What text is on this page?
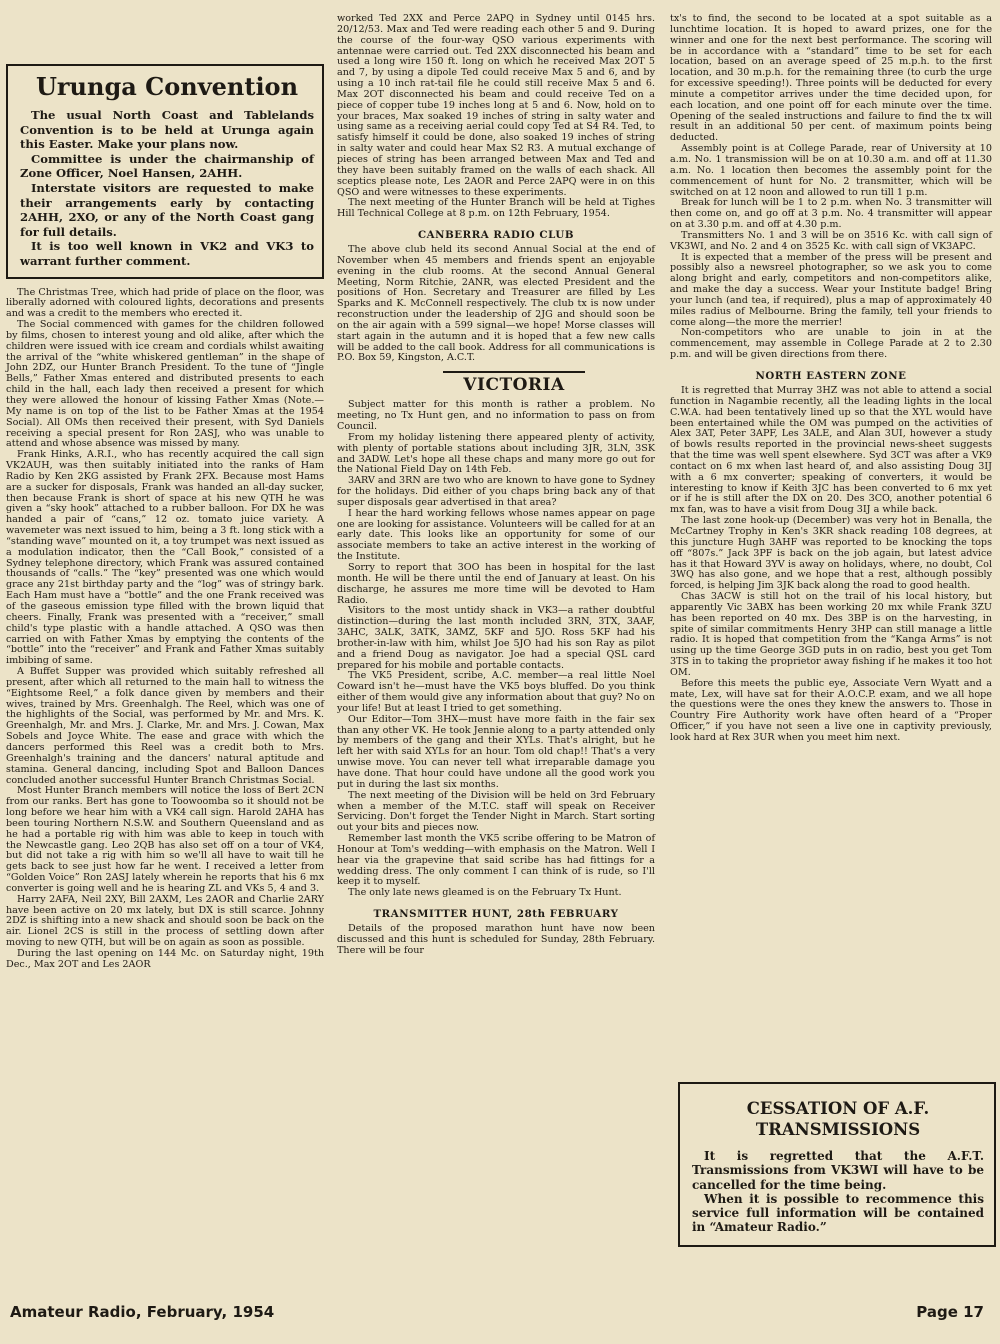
Urunga Convention

The usual North Coast and Tablelands Convention is to be held at Urunga again this Easter. Make your plans now.

Committee is under the chairmanship of Zone Officer, Noel Hansen, 2AHH.

Interstate visitors are requested to make their arrangements early by contacting 2AHH, 2XO, or any of the North Coast gang for full details.

It is too well known in VK2 and VK3 to warrant further comment.

The Christmas Tree, which had pride of place on the floor, was liberally adorned with coloured lights, decorations and presents and was a credit to the members who erected it.

The Social commenced with games for the children followed by films, chosen to interest young and old alike, after which the children were issued with ice cream and cordials whilst awaiting the arrival of the “white whiskered gentleman” in the shape of John 2DZ, our Hunter Branch President. To the tune of “Jingle Bells,” Father Xmas entered and distributed presents to each child in the hall, each lady then received a present for which they were allowed the honour of kissing Father Xmas (Note.—My name is on top of the list to be Father Xmas at the 1954 Social). All OMs then received their present, with Syd Daniels receiving a special present for Ron 2ASJ, who was unable to attend and whose absence was missed by many.

Frank Hinks, A.R.I., who has recently acquired the call sign VK2AUH, was then suitably initiated into the ranks of Ham Radio by Ken 2KG assisted by Frank 2FX. Because most Hams are a sucker for disposals, Frank was handed an all-day sucker, then because Frank is short of space at his new QTH he was given a “sky hook” attached to a rubber balloon. For DX he was handed a pair of “cans,” 12 oz. tomato juice variety. A wavemeter was next issued to him, being a 3 ft. long stick with a “standing wave” mounted on it, a toy trumpet was next issued as a modulation indicator, then the “Call Book,” consisted of a Sydney telephone directory, which Frank was assured contained thousands of “calls.” The “key” presented was one which would grace any 21st birthday party and the “log” was of stringy bark. Each Ham must have a “bottle” and the one Frank received was of the gaseous emission type filled with the brown liquid that cheers. Finally, Frank was presented with a “receiver,” small child's type plastic with a handle attached. A QSO was then carried on with Father Xmas by emptying the contents of the “bottle” into the “receiver” and Frank and Father Xmas suitably imbibing of same.

A Buffet Supper was provided which suitably refreshed all present, after which all returned to the main hall to witness the “Eightsome Reel,” a folk dance given by members and their wives, trained by Mrs. Greenhalgh. The Reel, which was one of the highlights of the Social, was performed by Mr. and Mrs. K. Greenhalgh, Mr. and Mrs. J. Clarke, Mr. and Mrs. J. Cowan, Max Sobels and Joyce White. The ease and grace with which the dancers performed this Reel was a credit both to Mrs. Greenhalgh's training and the dancers' natural aptitude and stamina. General dancing, including Spot and Balloon Dances concluded another successful Hunter Branch Christmas Social.

Most Hunter Branch members will notice the loss of Bert 2CN from our ranks. Bert has gone to Toowoomba so it should not be long before we hear him with a VK4 call sign. Harold 2AHA has been touring Northern N.S.W. and Southern Queensland and as he had a portable rig with him was able to keep in touch with the Newcastle gang. Leo 2QB has also set off on a tour of VK4, but did not take a rig with him so we'll all have to wait till he gets back to see just how far he went. I received a letter from “Golden Voice” Ron 2ASJ lately wherein he reports that his 6 mx converter is going well and he is hearing ZL and VKs 5, 4 and 3.

Harry 2AFA, Neil 2XY, Bill 2AXM, Les 2AOR and Charlie 2ARY have been active on 20 mx lately, but DX is still scarce. Johnny 2DZ is shifting into a new shack and should soon be back on the air. Lionel 2CS is still in the process of settling down after moving to new QTH, but will be on again as soon as possible.

During the last opening on 144 Mc. on Saturday night, 19th Dec., Max 2OT and Les 2AOR

worked Ted 2XX and Perce 2APQ in Sydney until 0145 hrs. 20/12/53. Max and Ted were reading each other 5 and 9. During the course of the four-way QSO various experiments with antennae were carried out. Ted 2XX disconnected his beam and used a long wire 150 ft. long on which he received Max 2OT 5 and 7, by using a dipole Ted could receive Max 5 and 6, and by using a 10 inch rat-tail file he could still receive Max 5 and 6. Max 2OT disconnected his beam and could receive Ted on a piece of copper tube 19 inches long at 5 and 6. Now, hold on to your braces, Max soaked 19 inches of string in salty water and using same as a receiving aerial could copy Ted at S4 R4. Ted, to satisfy himself it could be done, also soaked 19 inches of string in salty water and could hear Max S2 R3. A mutual exchange of pieces of string has been arranged between Max and Ted and they have been suitably framed on the walls of each shack. All sceptics please note, Les 2AOR and Perce 2APQ were in on this QSO and were witnesses to these experiments.

The next meeting of the Hunter Branch will be held at Tighes Hill Technical College at 8 p.m. on 12th February, 1954.

CANBERRA RADIO CLUB

The above club held its second Annual Social at the end of November when 45 members and friends spent an enjoyable evening in the club rooms. At the second Annual General Meeting, Norm Ritchie, 2ANR, was elected President and the positions of Hon. Secretary and Treasurer are filled by Les Sparks and K. McConnell respectively. The club tx is now under reconstruction under the leadership of 2JG and should soon be on the air again with a 599 signal—we hope! Morse classes will start again in the autumn and it is hoped that a few new calls will be added to the call book. Address for all communications is P.O. Box 59, Kingston, A.C.T.

VICTORIA

Subject matter for this month is rather a problem. No meeting, no Tx Hunt gen, and no information to pass on from Council.

From my holiday listening there appeared plenty of activity, with plenty of portable stations about including 3JR, 3LN, 3SK and 3ADW. Let's hope all these chaps and many more go out for the National Field Day on 14th Feb.

3ARV and 3RN are two who are known to have gone to Sydney for the holidays. Did either of you chaps bring back any of that super disposals gear advertised in that area?

I hear the hard working fellows whose names appear on page one are looking for assistance. Volunteers will be called for at an early date. This looks like an opportunity for some of our associate members to take an active interest in the working of the Institute.

Sorry to report that 3OO has been in hospital for the last month. He will be there until the end of January at least. On his discharge, he assures me more time will be devoted to Ham Radio.

Visitors to the most untidy shack in VK3—a rather doubtful distinction—during the last month included 3RN, 3TX, 3AAF, 3AHC, 3ALK, 3ATK, 3AMZ, 5KF and 5JO. Ross 5KF had his brother-in-law with him, whilst Joe 5JO had his son Ray as pilot and a friend Doug as navigator. Joe had a special QSL card prepared for his mobile and portable contacts.

The VK5 President, scribe, A.C. member—a real little Noel Coward isn't he—must have the VK5 boys bluffed. Do you think either of them would give any information about that guy? No on your life! But at least I tried to get something.

Our Editor—Tom 3HX—must have more faith in the fair sex than any other VK. He took Jennie along to a party attended only by members of the gang and their XYLs. That's alright, but he left her with said XYLs for an hour. Tom old chap!! That's a very unwise move. You can never tell what irreparable damage you have done. That hour could have undone all the good work you put in during the last six months.

The next meeting of the Division will be held on 3rd February when a member of the M.T.C. staff will speak on Receiver Servicing. Don't forget the Tender Night in March. Start sorting out your bits and pieces now.

Remember last month the VK5 scribe offering to be Matron of Honour at Tom's wedding—with emphasis on the Matron. Well I hear via the grapevine that said scribe has had fittings for a wedding dress. The only comment I can think of is rude, so I'll keep it to myself.

The only late news gleamed is on the February Tx Hunt.

TRANSMITTER HUNT, 28th FEBRUARY

Details of the proposed marathon hunt have now been discussed and this hunt is scheduled for Sunday, 28th February. There will be four

tx's to find, the second to be located at a spot suitable as a lunchtime location. It is hoped to award prizes, one for the winner and one for the next best performance. The scoring will be in accordance with a “standard” time to be set for each location, based on an average speed of 25 m.p.h. to the first location, and 30 m.p.h. for the remaining three (to curb the urge for excessive speeding!). Three points will be deducted for every minute a competitor arrives under the time decided upon, for each location, and one point off for each minute over the time. Opening of the sealed instructions and failure to find the tx will result in an additional 50 per cent. of maximum points being deducted.

Assembly point is at College Parade, rear of University at 10 a.m. No. 1 transmission will be on at 10.30 a.m. and off at 11.30 a.m. No. 1 location then becomes the assembly point for the commencement of hunt for No. 2 transmitter, which will be switched on at 12 noon and allowed to run till 1 p.m.

Break for lunch will be 1 to 2 p.m. when No. 3 transmitter will then come on, and go off at 3 p.m. No. 4 transmitter will appear on at 3.30 p.m. and off at 4.30 p.m.

Transmitters No. 1 and 3 will be on 3516 Kc. with call sign of VK3WI, and No. 2 and 4 on 3525 Kc. with call sign of VK3APC.

It is expected that a member of the press will be present and possibly also a newsreel photographer, so we ask you to come along bright and early, competitors and non-competitors alike, and make the day a success. Wear your Institute badge! Bring your lunch (and tea, if required), plus a map of approximately 40 miles radius of Melbourne. Bring the family, tell your friends to come along—the more the merrier!

Non-competitors who are unable to join in at the commencement, may assemble in College Parade at 2 to 2.30 p.m. and will be given directions from there.

NORTH EASTERN ZONE

It is regretted that Murray 3HZ was not able to attend a social function in Nagambie recently, all the leading lights in the local C.W.A. had been tentatively lined up so that the XYL would have been entertained while the OM was pumped on the activities of Alex 3AT, Peter 3APF, Les 3ALE, and Alan 3UI, however a study of bowls results reported in the provincial news-sheet suggests that the time was well spent elsewhere. Syd 3CT was after a VK9 contact on 6 mx when last heard of, and also assisting Doug 3IJ with a 6 mx converter; speaking of converters, it would be interesting to know if Keith 3JC has been converted to 6 mx yet or if he is still after the DX on 20. Des 3CO, another potential 6 mx fan, was to have a visit from Doug 3IJ a while back.

The last zone hook-up (December) was very hot in Benalla, the McCartney Trophy in Ken's 3KR shack reading 108 degrees, at this juncture Hugh 3AHF was reported to be knocking the tops off “807s.” Jack 3PF is back on the job again, but latest advice has it that Howard 3YV is away on holidays, where, no doubt, Col 3WQ has also gone, and we hope that a rest, although possibly forced, is helping Jim 3JK back along the road to good health.

Chas 3ACW is still hot on the trail of his local history, but apparently Vic 3ABX has been working 20 mx while Frank 3ZU has been reported on 40 mx. Des 3BP is on the harvesting, in spite of similar commitments Henry 3HP can still manage a little radio. It is hoped that competition from the “Kanga Arms” is not using up the time George 3GD puts in on radio, best you get Tom 3TS in to taking the proprietor away fishing if he makes it too hot OM.

Before this meets the public eye, Associate Vern Wyatt and a mate, Lex, will have sat for their A.O.C.P. exam, and we all hope the questions were the ones they knew the answers to. Those in Country Fire Authority work have often heard of a “Proper Officer,” if you have not seen a live one in captivity previously, look hard at Rex 3UR when you meet him next.

CESSATION OF A.F.
TRANSMISSIONS

It is regretted that the A.F.T. Transmissions from VK3WI will have to be cancelled for the time being.

When it is possible to recommence this service full information will be contained in “Amateur Radio.”

Amateur Radio, February, 1954	Page 17
